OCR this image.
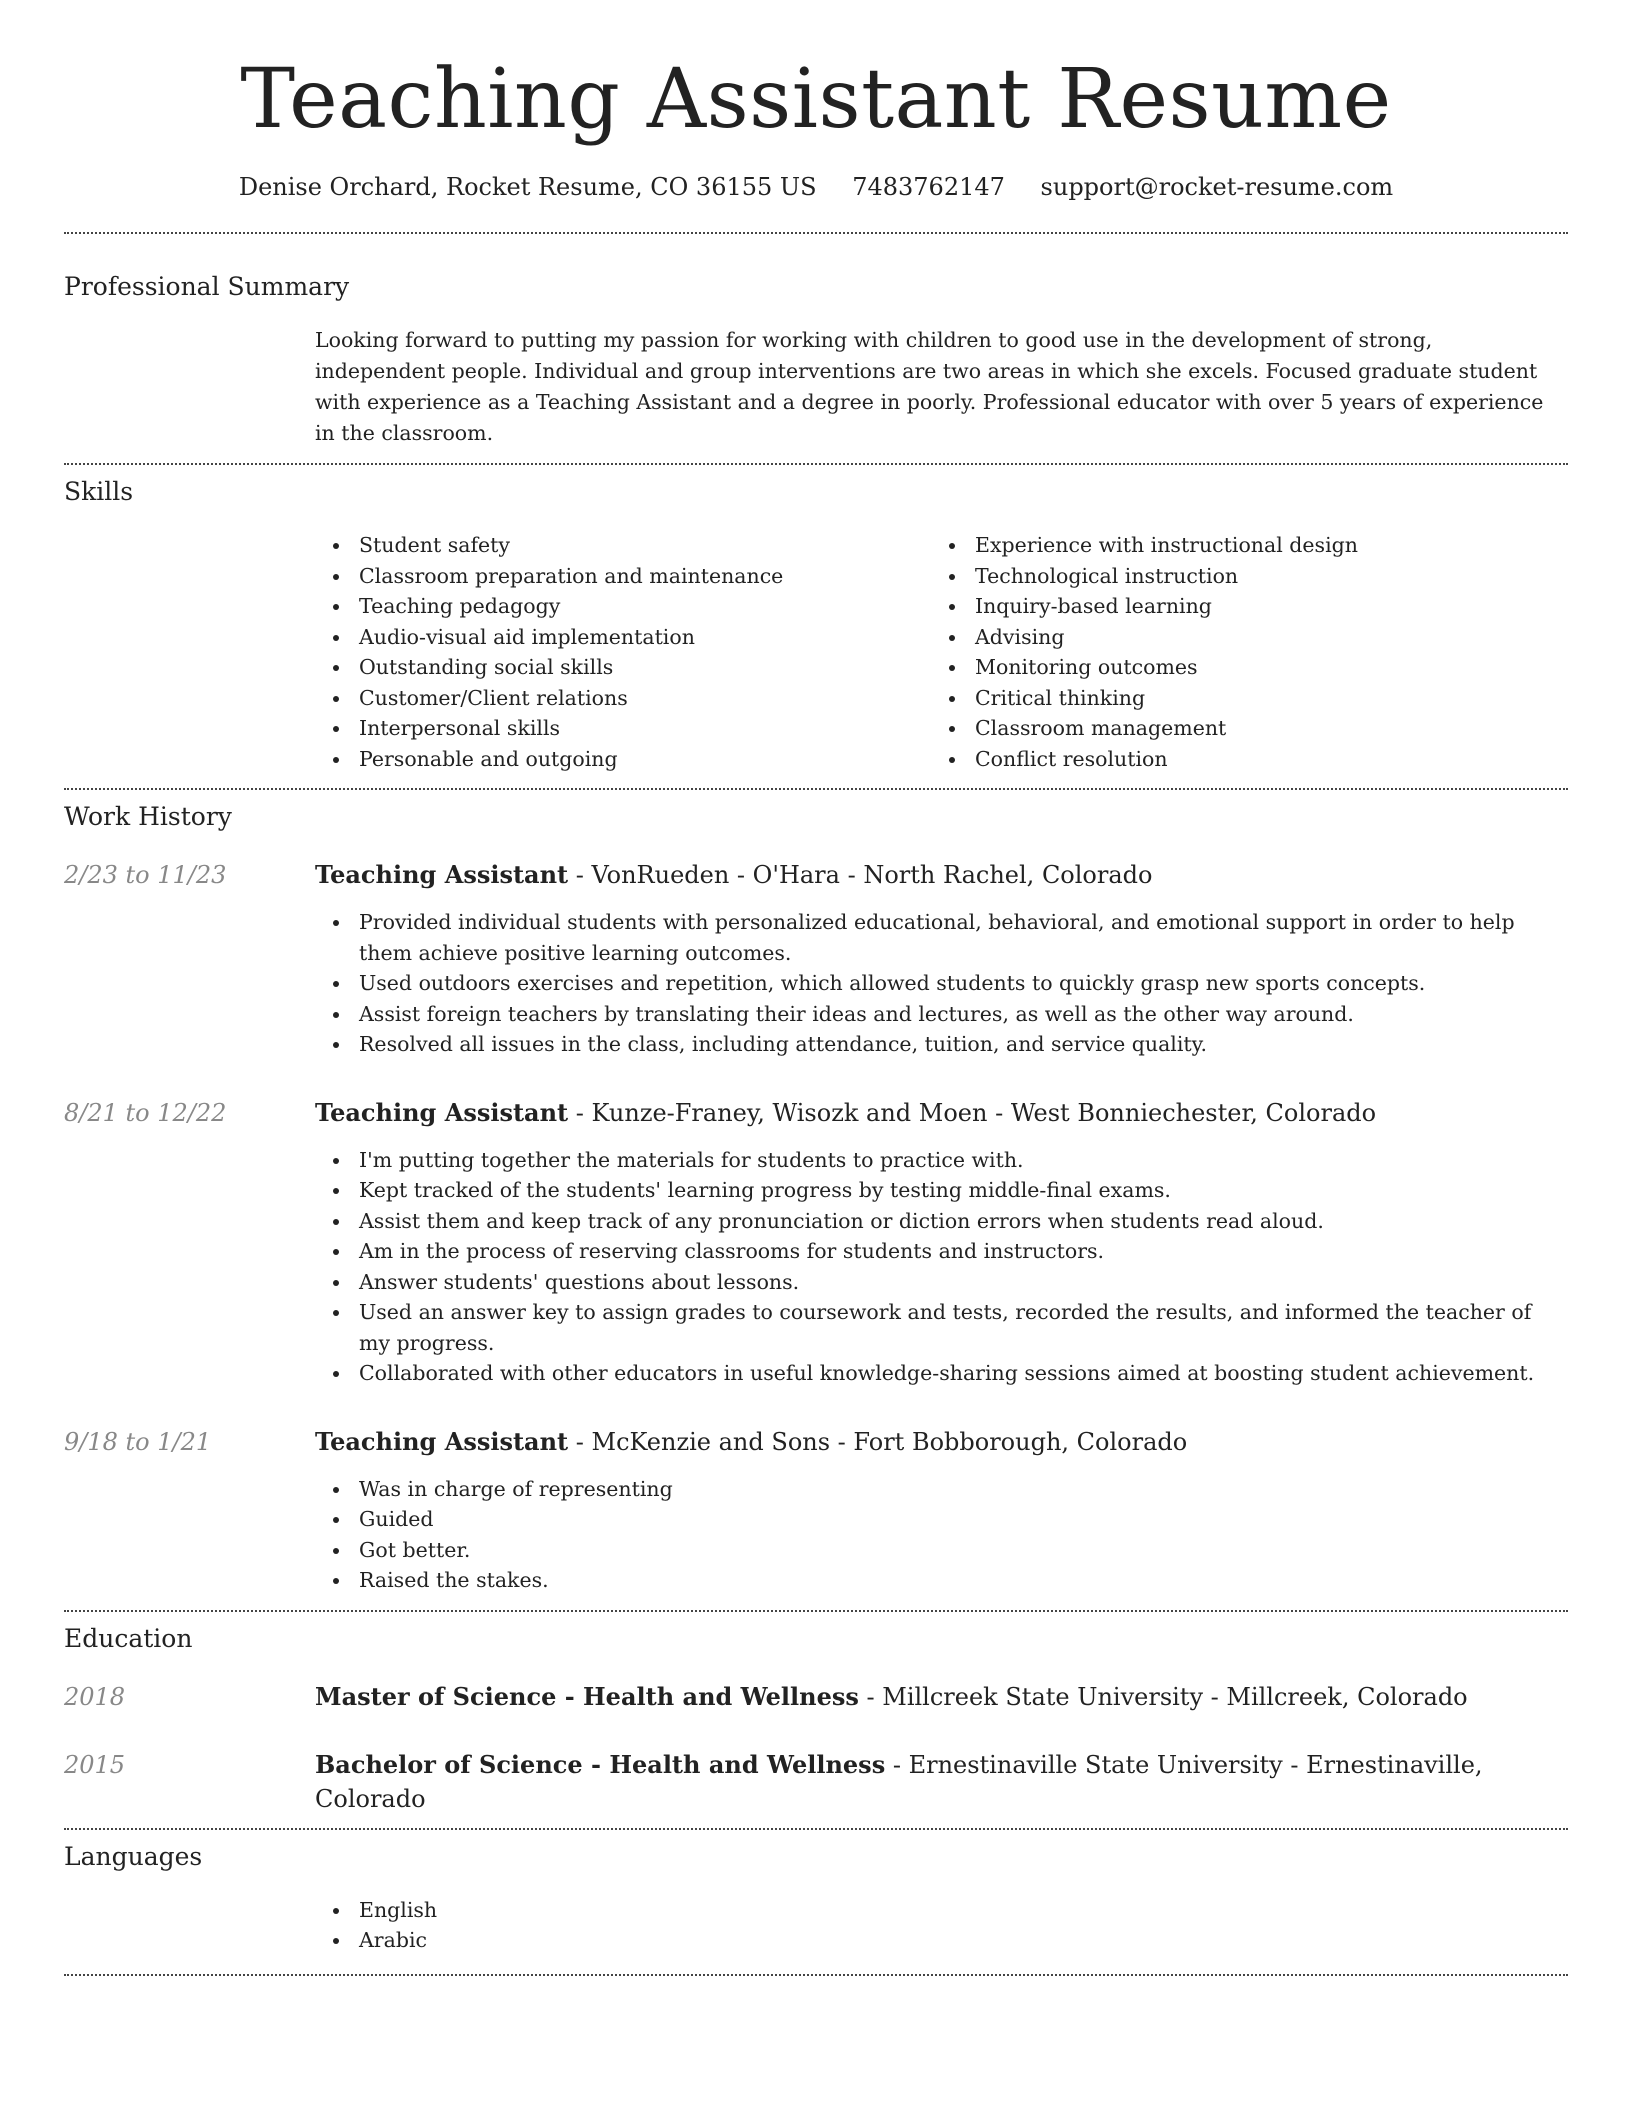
Teaching Assistant Resume
Denise Orchard, Rocket Resume, CO 36155 US 7483762147 support@rocket-resume.com
Professional Summary

Looking forward to putting my passion for working with children to good use in the development of strong, independent people. Individual and group interventions are two areas in which she excels. Focused graduate student with experience as a Teaching Assistant and a degree in poorly. Professional educator with over 5 years of experience in the classroom.

Skills
Student safety
Classroom preparation and maintenance
Teaching pedagogy
Audio-visual aid implementation
Outstanding social skills
Customer/Client relations
Interpersonal skills
Personable and outgoing
Experience with instructional design
Technological instruction
Inquiry-based learning
Advising
Monitoring outcomes
Critical thinking
Classroom management
Conflict resolution
Work History
2/23 to 11/23	Teaching Assistant - VonRueden - O'Hara - North Rachel, Colorado
Provided individual students with personalized educational, behavioral, and emotional support in order to help them achieve positive learning outcomes.
Used outdoors exercises and repetition, which allowed students to quickly grasp new sports concepts.
Assist foreign teachers by translating their ideas and lectures, as well as the other way around.
Resolved all issues in the class, including attendance, tuition, and service quality.
8/21 to 12/22	Teaching Assistant - Kunze-Franey, Wisozk and Moen - West Bonniechester, Colorado
I'm putting together the materials for students to practice with.
Kept tracked of the students' learning progress by testing middle-final exams.
Assist them and keep track of any pronunciation or diction errors when students read aloud.
Am in the process of reserving classrooms for students and instructors.
Answer students' questions about lessons.
Used an answer key to assign grades to coursework and tests, recorded the results, and informed the teacher of my progress.
Collaborated with other educators in useful knowledge-sharing sessions aimed at boosting student achievement.
9/18 to 1/21	Teaching Assistant - McKenzie and Sons - Fort Bobborough, Colorado
Was in charge of representing
Guided
Got better.
Raised the stakes.
Education
2018	Master of Science - Health and Wellness - Millcreek State University - Millcreek, Colorado
2015	Bachelor of Science - Health and Wellness - Ernestinaville State University - Ernestinaville, Colorado
Languages
English
Arabic
